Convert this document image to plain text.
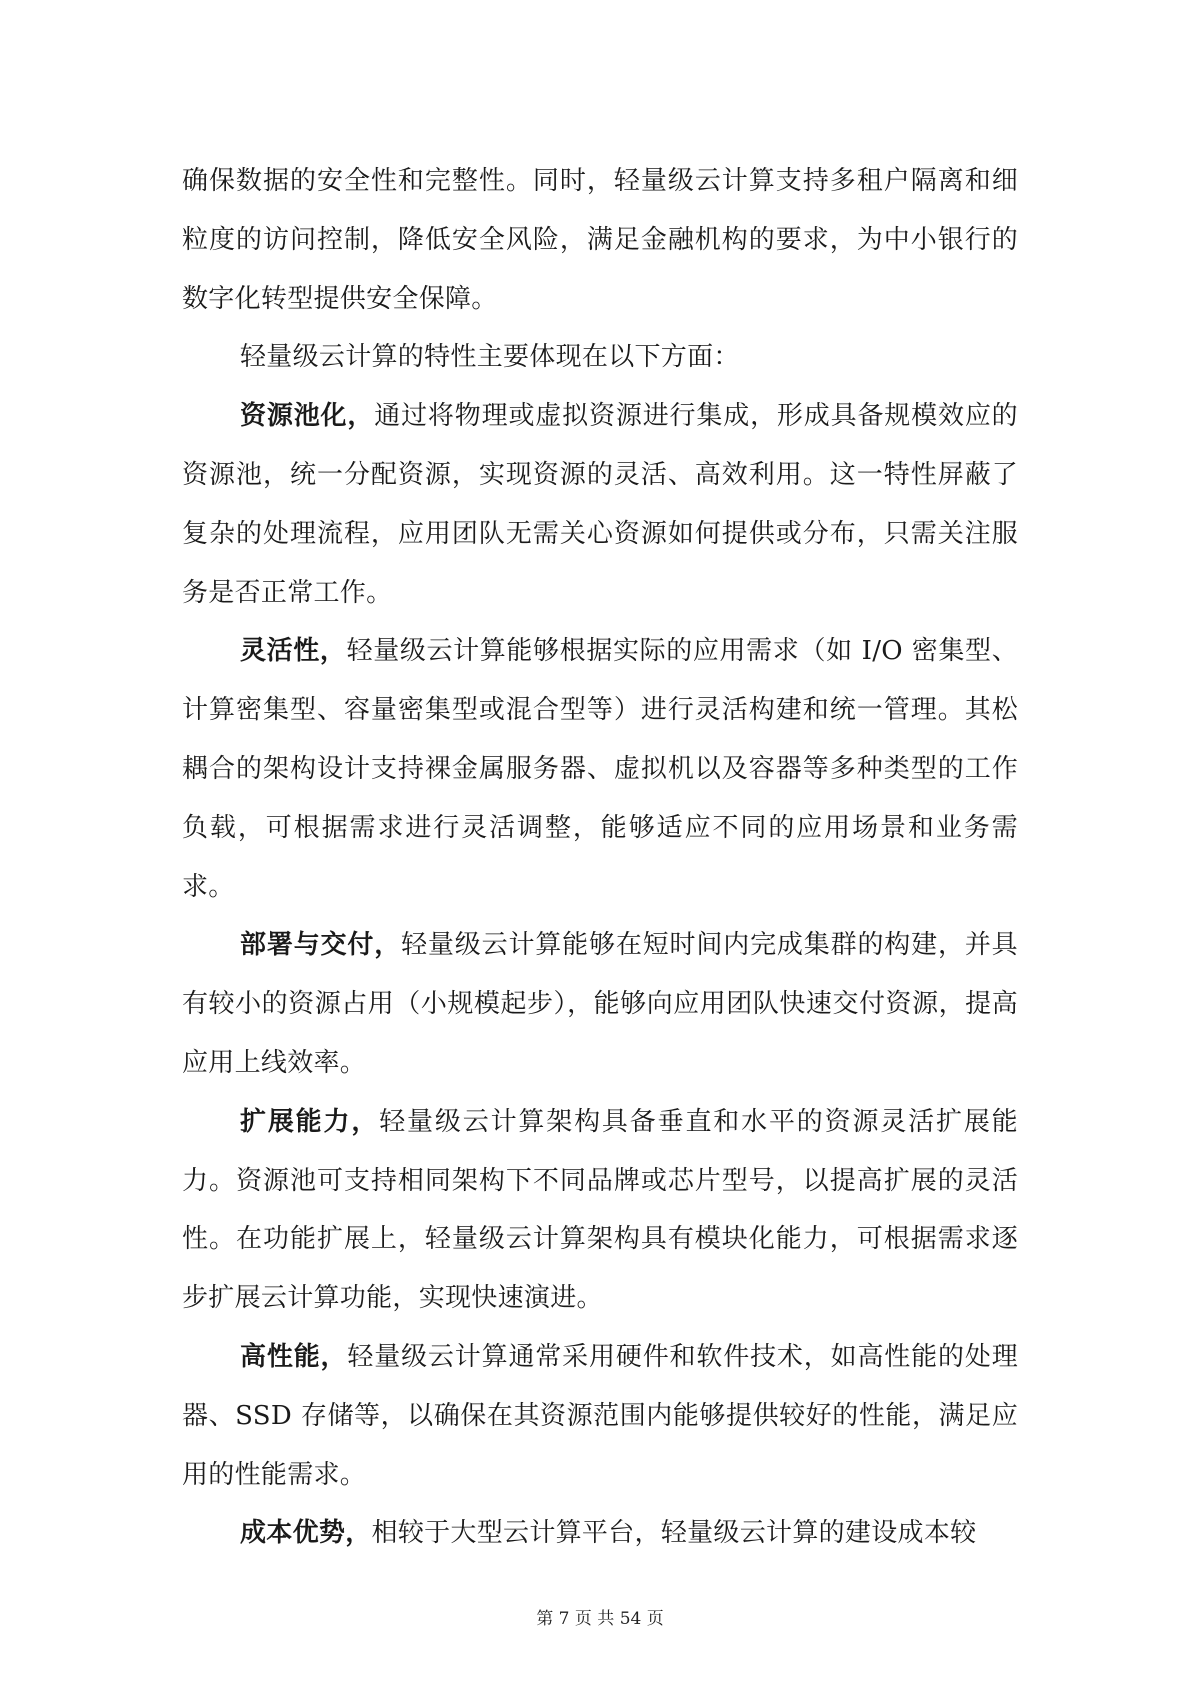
确保数据的安全性和完整性。同时，轻量级云计算支持多租户隔离和细粒度的访问控制，降低安全风险，满足金融机构的要求，为中小银行的数字化转型提供安全保障。

轻量级云计算的特性主要体现在以下方面：

资源池化，通过将物理或虚拟资源进行集成，形成具备规模效应的资源池，统一分配资源，实现资源的灵活、高效利用。这一特性屏蔽了复杂的处理流程，应用团队无需关心资源如何提供或分布，只需关注服务是否正常工作。

灵活性，轻量级云计算能够根据实际的应用需求（如 I/O 密集型、计算密集型、容量密集型或混合型等）进行灵活构建和统一管理。其松耦合的架构设计支持裸金属服务器、虚拟机以及容器等多种类型的工作负载，可根据需求进行灵活调整，能够适应不同的应用场景和业务需求。

部署与交付，轻量级云计算能够在短时间内完成集群的构建，并具有较小的资源占用（小规模起步），能够向应用团队快速交付资源，提高应用上线效率。

扩展能力，轻量级云计算架构具备垂直和水平的资源灵活扩展能力。资源池可支持相同架构下不同品牌或芯片型号，以提高扩展的灵活性。在功能扩展上，轻量级云计算架构具有模块化能力，可根据需求逐步扩展云计算功能，实现快速演进。

高性能，轻量级云计算通常采用硬件和软件技术，如高性能的处理器、SSD 存储等，以确保在其资源范围内能够提供较好的性能，满足应用的性能需求。

成本优势，相较于大型云计算平台，轻量级云计算的建设成本较

第 7 页 共 54 页
